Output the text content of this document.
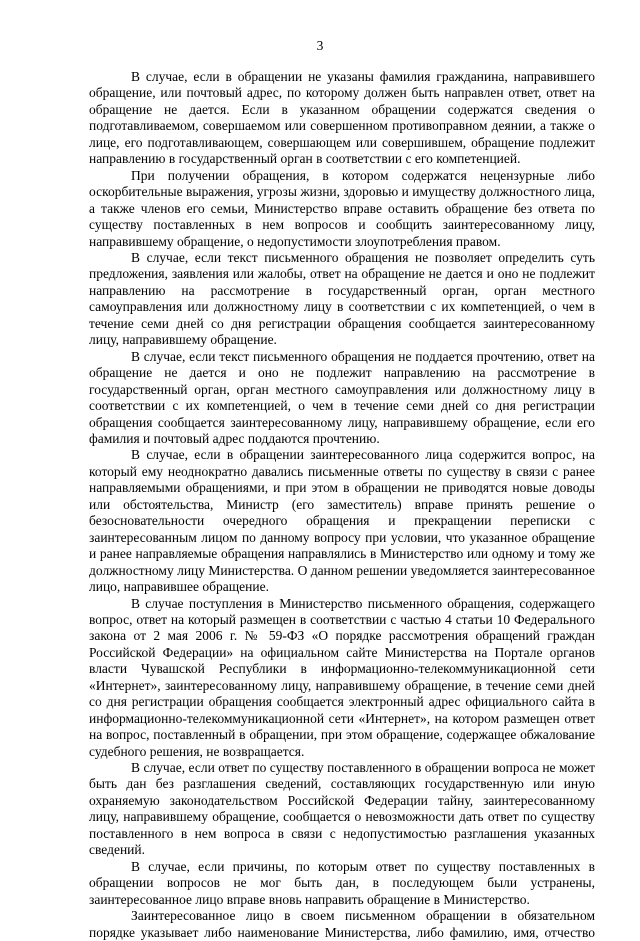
3

В случае, если в обращении не указаны фамилия гражданина, направившего обращение, или почтовый адрес, по которому должен быть направлен ответ, ответ на обращение не дается. Если в указанном обращении содержатся сведения о подготавливаемом, совершаемом или совершенном противоправном деянии, а также о лице, его подготавливающем, совершающем или совершившем, обращение подлежит направлению в государственный орган в соответствии с его компетенцией.

При получении обращения, в котором содержатся нецензурные либо оскорбительные выражения, угрозы жизни, здоровью и имуществу должностного лица, а также членов его семьи, Министерство вправе оставить обращение без ответа по существу поставленных в нем вопросов и сообщить заинтересованному лицу, направившему обращение, о недопустимости злоупотребления правом.

В случае, если текст письменного обращения не позволяет определить суть предложения, заявления или жалобы, ответ на обращение не дается и оно не подлежит направлению на рассмотрение в государственный орган, орган местного самоуправления или должностному лицу в соответствии с их компетенцией, о чем в течение семи дней со дня регистрации обращения сообщается заинтересованному лицу, направившему обращение.

В случае, если текст письменного обращения не поддается прочтению, ответ на обращение не дается и оно не подлежит направлению на рассмотрение в государственный орган, орган местного самоуправления или должностному лицу в соответствии с их компетенцией, о чем в течение семи дней со дня регистрации обращения сообщается заинтересованному лицу, направившему обращение, если его фамилия и почтовый адрес поддаются прочтению.

В случае, если в обращении заинтересованного лица содержится вопрос, на который ему неоднократно давались письменные ответы по существу в связи с ранее направляемыми обращениями, и при этом в обращении не приводятся новые доводы или обстоятельства, Министр (его заместитель) вправе принять решение о безосновательности очередного обращения и прекращении переписки с заинтересованным лицом по данному вопросу при условии, что указанное обращение и ранее направляемые обращения направлялись в Министерство или одному и тому же должностному лицу Министерства. О данном решении уведомляется заинтересованное лицо, направившее обращение.

В случае поступления в Министерство письменного обращения, содержащего вопрос, ответ на который размещен в соответствии с частью 4 статьи 10 Федерального закона от 2 мая 2006 г. № 59-ФЗ «О порядке рассмотрения обращений граждан Российской Федерации» на официальном сайте Министерства на Портале органов власти Чувашской Республики в информационно-телекоммуникационной сети «Интернет», заинтересованному лицу, направившему обращение, в течение семи дней со дня регистрации обращения сообщается электронный адрес официального сайта в информационно-телекоммуникационной сети «Интернет», на котором размещен ответ на вопрос, поставленный в обращении, при этом обращение, содержащее обжалование судебного решения, не возвращается.

В случае, если ответ по существу поставленного в обращении вопроса не может быть дан без разглашения сведений, составляющих государственную или иную охраняемую законодательством Российской Федерации тайну, заинтересованному лицу, направившему обращение, сообщается о невозможности дать ответ по существу поставленного в нем вопроса в связи с недопустимостью разглашения указанных сведений.

В случае, если причины, по которым ответ по существу поставленных в обращении вопросов не мог быть дан, в последующем были устранены, заинтересованное лицо вправе вновь направить обращение в Министерство.

Заинтересованное лицо в своем письменном обращении в обязательном порядке указывает либо наименование Министерства, либо фамилию, имя, отчество
